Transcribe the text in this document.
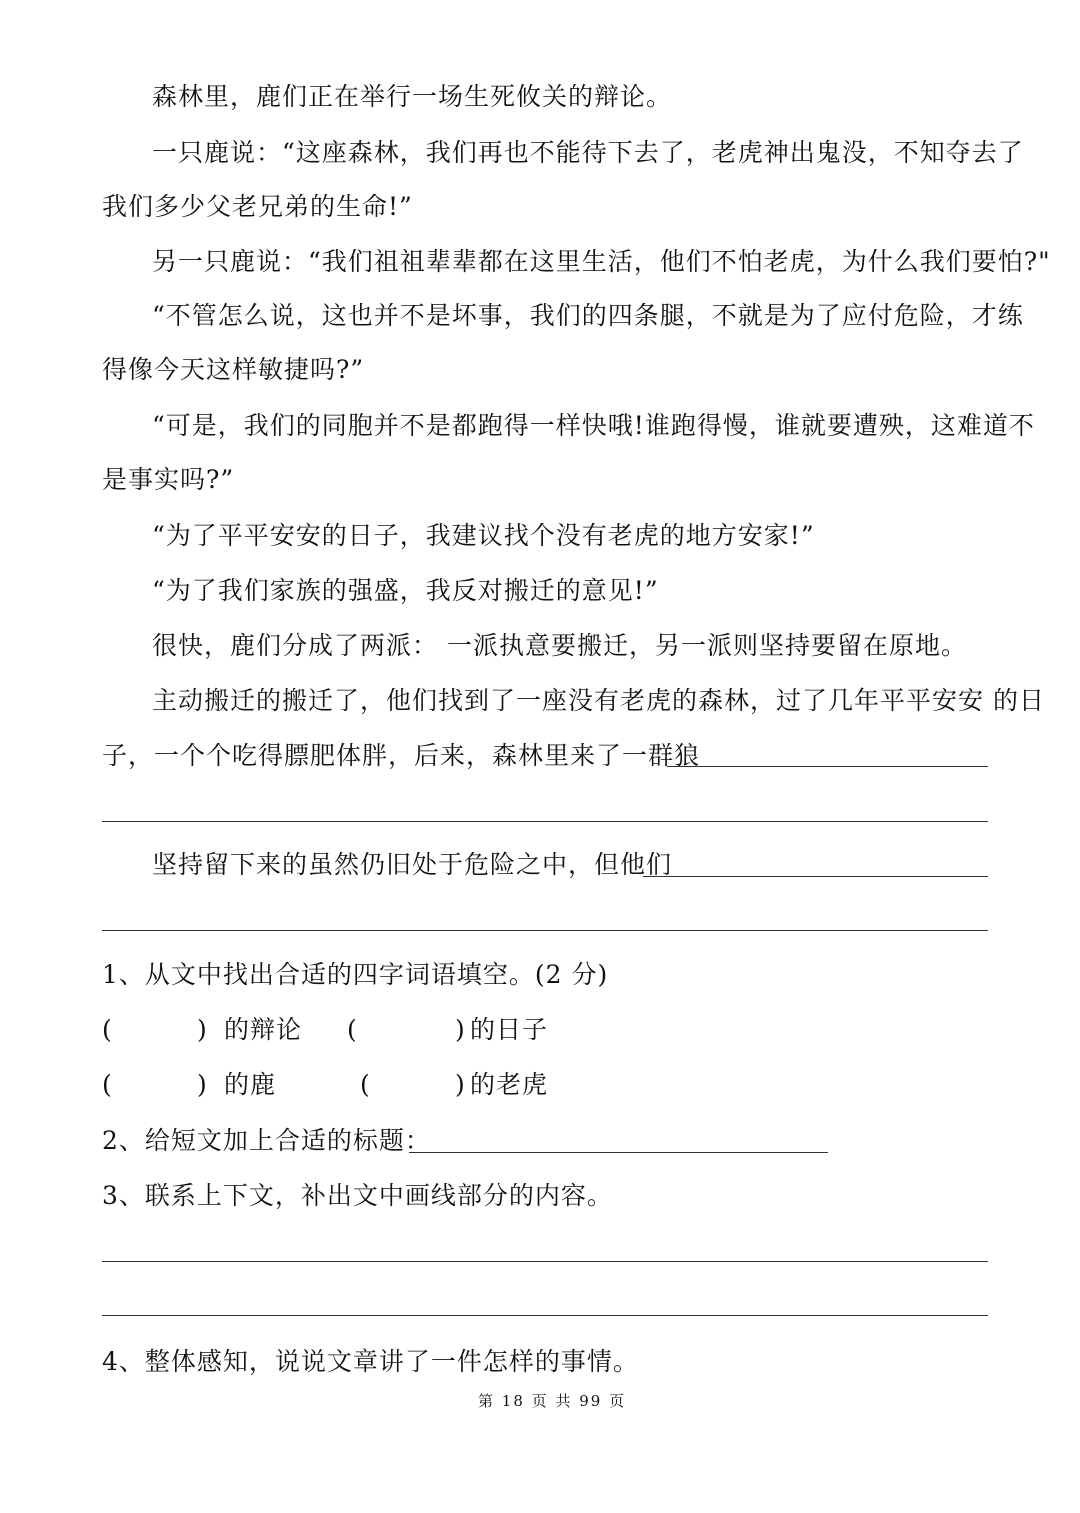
森林里，鹿们正在举行一场生死攸关的辩论。
一只鹿说：“这座森林，我们再也不能待下去了，老虎神出鬼没，不知夺去了
我们多少父老兄弟的生命!”
另一只鹿说：“我们祖祖辈辈都在这里生活，他们不怕老虎，为什么我们要怕?"
“不管怎么说，这也并不是坏事，我们的四条腿，不就是为了应付危险，才练
得像今天这样敏捷吗?”
“可是，我们的同胞并不是都跑得一样快哦!谁跑得慢，谁就要遭殃，这难道不
是事实吗?”
“为了平平安安的日子，我建议找个没有老虎的地方安家!”
“为了我们家族的强盛，我反对搬迁的意见!”
很快，鹿们分成了两派： 一派执意要搬迁，另一派则坚持要留在原地。
主动搬迁的搬迁了，他们找到了一座没有老虎的森林，过了几年平平安安 的日
子，一个个吃得膘肥体胖，后来，森林里来了一群狼
坚持留下来的虽然仍旧处于危险之中，但他们
1、从文中找出合适的四字词语填空。(2 分)
(	) 的辩论 (	) 的日子
(	) 的鹿	(	) 的老虎
2、给短文加上合适的标题：
3、联系上下文，补出文中画线部分的内容。
4、整体感知，说说文章讲了一件怎样的事情。
第 18 页 共 99 页
